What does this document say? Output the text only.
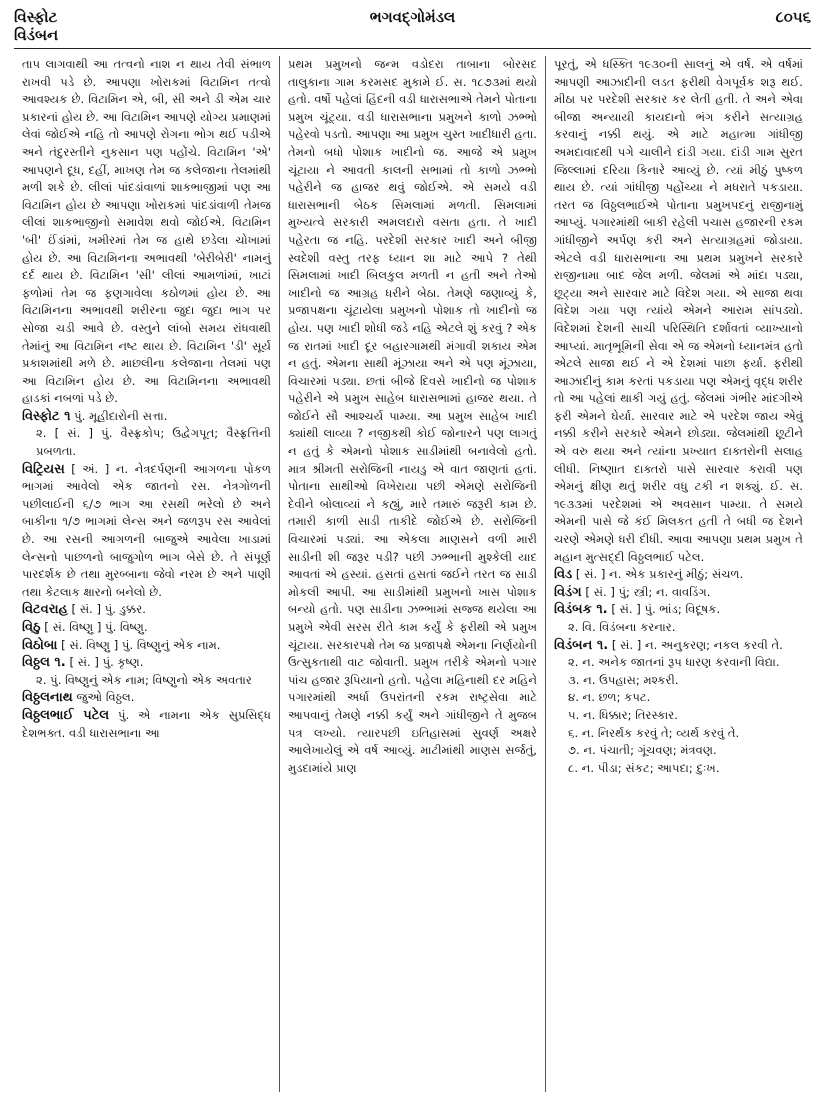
વિસ્ફોટ
વિડંબન
ભગવદ્ગોમંડલ	૮૦૫૬

તાપ લાગવાથી આ તત્વનો નાશ ન થાય તેવી સંભાળ રાખવી પડે છે. આપણા ખોરાકમાં વિટામિન તત્વો આવશ્યક છે. વિટામિન એ, બી, સી અને ડી એમ ચાર પ્રકારનાં હોય છે. આ વિટામિન આપણે યોગ્ય પ્રમાણમાં લેવાં જોઈએ નહિ તો આપણે રોગના ભોગ થઈ પડીએ અને તંદુરસ્તીને નુકસાન પણ પહોંચે. વિટામિન 'એ' આપણને દૂધ, દહીં, માખણ તેમ જ કલેજાના તેલમાંથી મળી શકે છે. લીલાં પાંદડાંવાળાં શાકભાજીમાં પણ આ વિટામિન હોય છે આપણા ખોરાકમાં પાંદડાંવાળી તેમજ લીલાં શાકભાજીનો સમાવેશ થવો જોઈએ. વિટામિન 'બી' ઈંડાંમાં, ખમીરમાં તેમ જ હાથે છડેલા ચોખામાં હોય છે. આ વિટામિનના અભાવથી 'બેરીબેરી' નામનું દર્દ થાય છે. વિટામિન 'સી' લીલાં આમળાંમાં, ખાટાં ફળોમાં તેમ જ ફણગાવેલા કઠોળમાં હોય છે. આ વિટામિનના અભાવથી શરીરના જુદા જુદા ભાગ પર સોજા ચડી આવે છે. વસ્તુને લાંબો સમય રાંધવાથી તેમાંનું આ વિટામિન નષ્ટ થાય છે. વિટામિન 'ડી' સૂર્ય પ્રકાશમાંથી મળે છે. માછલીના કલેજાના તેલમાં પણ આ વિટામિન હોય છે. આ વિટામિનના અભાવથી હાડકાં નબળાં પડે છે.

વિસ્ફોટ ૧ પું. મૂહીદારોની સત્તા.

૨. [ સં. ] પું. વૈસ્ફ્રકોપ; ઉદ્વેગપૂત; વૈસ્ફ્રત્તિની પ્રબળતા.

વિટ્રિયસ [ અં. ] ન. નેત્રદર્પણની આગળના પોકળ ભાગમાં આવેલો એક જાતનો રસ. નેત્રગોળની પછીલાઈની ૬/૭ ભાગ આ રસથી ભરેલો છે અને બાકીના ૧/૭ ભાગમાં લેન્સ અને જળરૂપ રસ આવેલાં છે. આ રસની આગળની બાજુએ આવેલા ખાડામાં લેન્સનો પાછળનો બાજુગોળ ભાગ બેસે છે. તે સંપૂર્ણ પારદર્શક છે તથા મુરબ્બાના જેવો નરમ છે અને પાણી તથા કેટલાક ક્ષારનો બનેલો છે.

વિટવરાહ [ સં. ] પું. ડુક્કર.

વિઠુ [ સં. વિષ્ણુ ] પું. વિષ્ણુ.

વિઠોબા [ સં. વિષ્ણુ ] પું. વિષ્ણુનું એક નામ.

વિઠ્ઠલ ૧. [ સં. ] પું. કૃષ્ણ.

૨. પું. વિષ્ણુનું એક નામ; વિષ્ણુનો એક અવતાર

વિઠ્ઠલનાથ જુઓ વિઠ્ઠલ.

વિઠ્ઠલભાઈ પટેલ પું. એ નામના એક સુપ્રસિદ્ધ દેશભક્ત. વડી ધારાસભાના આ

પ્રથમ પ્રમુખનો જન્મ વડોદરા તાબાના બોરસદ તાલુકાના ગામ કરમસદ મુકામે ઈ. સ. ૧૮૭૩માં થયો હતો. વર્ષો પહેલાં હિંદની વડી ધારાસભાએ તેમને પોતાના પ્રમુખ ચૂંટ્યા. વડી ધારાસભાના પ્રમુખને કાળો ઝભ્ભો પહેરવો પડતો. આપણા આ પ્રમુખ ચુસ્ત ખાદીધારી હતા. તેમનો બધો પોશાક ખાદીનો જ. આજે એ પ્રમુખ ચૂંટાયા ને આવતી કાલની સભામાં તો કાળો ઝભ્ભો પહેરીને જ હાજર થવું જોઈએ. એ સમયે વડી ધારાસભાની બેઠક સિમલામાં મળતી. સિમલામાં મુખ્યત્વે સરકારી અમલદારો વસતા હતા. તે ખાદી પહેરતા જ નહિ. પરદેશી સરકાર ખાદી અને બીજી સ્વદેશી વસ્તુ તરફ ધ્યાન શા માટે આપે ? તેથી સિમલામાં ખાદી બિલકુલ મળતી ન હતી અને તેઓ ખાદીનો જ આગ્રહ ધરીને બેઠા. તેમણે જણાવ્યું કે, પ્રજાપક્ષના ચૂંટાયેલા પ્રમુખનો પોશાક તો ખાદીનો જ હોય. પણ ખાદી શોધી જડે નહિ એટલે શું કરવું ? એક જ રાતમાં ખાદી દૂર બહારગામથી મંગાવી શકાય એમ ન હતું. એમના સાથી મૂંઝાયા અને એ પણ મૂંઝાયા, વિચારમાં પડ્યા. છતાં બીજે દિવસે ખાદીનો જ પોશાક પહેરીને એ પ્રમુખ સાહેબ ધારાસભામાં હાજર થયા. તે જોઈને સૌ આશ્ચર્ય પામ્યા. આ પ્રમુખ સાહેબ ખાદી ક્યાંથી લાવ્યા ? નજીકથી કોઈ જોનારને પણ લાગતું ન હતું કે એમનો પોશાક સાડીમાંથી બનાવેલો હતો. માત્ર શ્રીમતી સરોજિની નાયડુ એ વાત જાણતાં હતાં. પોતાના સાથીઓ વિખેરાયા પછી એમણે સરોજિની દેવીને બોલાવ્યાં ને કહ્યું, મારે તમારું જરૂરી કામ છે. તમારી કાળી સાડી તાકીદે જોઈએ છે. સરોજિની વિચારમાં પડ્યાં. આ એકલા માણસને વળી મારી સાડીની શી જરૂર પડી? પછી ઝભ્ભાની મુશ્કેલી યાદ આવતાં એ હસ્યાં. હસતાં હસતાં જઈને તરત જ સાડી મોકલી આપી. આ સાડીમાંથી પ્રમુખનો ખાસ પોશાક બન્યો હતો. પણ સાડીના ઝભ્ભામાં સજ્જ થયેલા આ પ્રમુખે એવી સરસ રીતે કામ કર્યું કે ફરીથી એ પ્રમુખ ચૂંટાયા. સરકારપક્ષે તેમ જ પ્રજાપક્ષે એમના નિર્ણયોની ઉત્સુકતાથી વાટ જોવાતી. પ્રમુખ તરીકે એમનો પગાર પાંચ હજાર રૂપિયાનો હતો. પહેલા મહિનાથી દર મહિને પગારમાંથી અર્ધા ઉપરાંતની રકમ રાષ્ટ્રસેવા માટે આપવાનું તેમણે નક્કી કર્યું અને ગાંધીજીને તે મુજબ પત્ર લખ્યો. ત્યારપછી ઇતિહાસમાં સુવર્ણ અક્ષરે આલેખાયેલું એ વર્ષ આવ્યું. માટીમાંથી માણસ સર્જતું, મુડદામાંયે પ્રાણ

પૂરતું, એ ધસ્ક્તિ ૧૯૩૦ની સાલનું એ વર્ષ. એ વર્ષમાં આપણી આઝાદીની લડત ફરીથી વેગપૂર્વક શરૂ થઈ. મીઠા પર પરદેશી સરકાર કર લેતી હતી. તે અને એવા બીજા અન્યાયી કાયદાનો ભંગ કરીને સત્યાગ્રહ કરવાનું નક્કી થયું. એ માટે મહાત્મા ગાંધીજી અમદાવાદથી પગે ચાલીને દાંડી ગયા. દાંડી ગામ સુરત જિલ્લામાં દરિયા કિનારે આવ્યું છે. ત્યાં મીઠું પુષ્કળ થાય છે. ત્યાં ગાંધીજી પહોંચ્યા ને મધરાતે પકડાયા. તરત જ વિઠ્ઠલભાઈએ પોતાના પ્રમુખપદનું રાજીનામું આપ્યું. પગારમાંથી બાકી રહેલી પચાસ હજારની રકમ ગાંધીજીને અર્પણ કરી અને સત્યાગ્રહમાં જોડાયા. એટલે વડી ધારાસભાના આ પ્રથમ પ્રમુખને સરકારે રાજીનામા બાદ જેલ મળી. જેલમાં એ માંદા પડ્યા, છૂટ્યા અને સારવાર માટે વિદેશ ગયા. એ સાજા થવા વિદેશ ગયા પણ ત્યાંયે એમને આરામ સાંપડ્યો. વિદેશમાં દેશની સાચી પરિસ્થિતિ દર્શાવતાં વ્યાખ્યાનો આપ્યાં. માતૃભૂમિની સેવા એ જ એમનો ધ્યાનમંત્ર હતો એટલે સાજા થઈ ને એ દેશમાં પાછા ફર્યા. ફરીથી આઝાદીનું કામ કરતાં પકડાયા પણ એમનું વૃદ્ધ શરીર તો આ પહેલાં થાકી ગયું હતું. જેલમાં ગંભીર માંદગીએ ફરી એમને ઘેર્યા. સારવાર માટે એ પરદેશ જાય એવું નક્કી કરીને સરકારે એમને છોડ્યા. જેલમાંથી છૂટીને એ વરુ થયા અને ત્યાંના પ્રખ્યાત દાક્તરોની સલાહ લીધી. નિષ્ણાત દાક્તરો પાસે સારવાર કરાવી પણ એમનું ક્ષીણ થતું શરીર વધુ ટકી ન શક્યું. ઈ. સ. ૧૯૩૩માં પરદેશમાં એ અવસાન પામ્યા. તે સમયે એમની પાસે જે કંઈ મિલકત હતી તે બધી જ દેશને ચરણે એમણે ધરી દીધી. આવા આપણા પ્રથમ પ્રમુખ તે મહાન મુત્સદ્દી વિઠ્ઠલભાઈ પટેલ.

વિડ [ સં. ] ન. એક પ્રકારનું મીઠું; સંચળ.

વિડંગ [ સં. ] પું; સ્ત્રી; ન. વાવડિંગ.

વિડંબક ૧. [ સં. ] પું. ભાંડ; વિદૂષક.

૨. વિ. વિડંબના કરનાર.

વિડંબન ૧. [ સં. ] ન. અનુકરણ; નકલ કરવી તે.

૨. ન. અનેક જાતનાં રૂપ ધારણ કરવાની વિદ્યા.

૩. ન. ઉપહાસ; મશ્કરી.

૪. ન. છળ; કપટ.

૫. ન. ધિક્કાર; તિરસ્કાર.

૬. ન. નિરર્થક કરવું તે; વ્યર્થ કરવું તે.

૭. ન. પંચાતી; ગૂંચવણ; મંત્રવણ.

૮. ન. પીડા; સંકટ; આપદા; દુઃખ.
